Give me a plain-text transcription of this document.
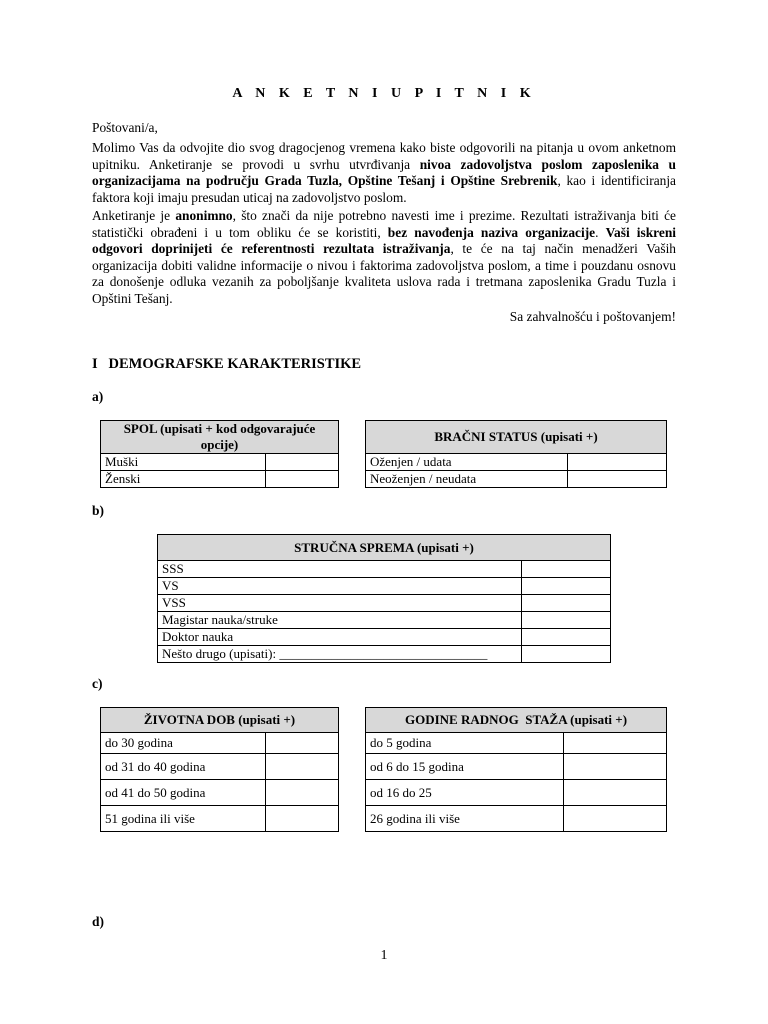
A N K E T N I U P I T N I K
Poštovani/a,

Molimo Vas da odvojite dio svog dragocjenog vremena kako biste odgovorili na pitanja u ovom anketnom upitniku. Anketiranje se provodi u svrhu utvrđivanja nivoa zadovoljstva poslom zaposlenika u organizacijama na području Grada Tuzla, Opštine Tešanj i Opštine Srebrenik, kao i identificiranja faktora koji imaju presudan uticaj na zadovoljstvo poslom.

Anketiranje je anonimno, što znači da nije potrebno navesti ime i prezime. Rezultati istraživanja biti će statistički obrađeni i u tom obliku će se koristiti, bez navođenja naziva organizacije. Vaši iskreni odgovori doprinijeti će referentnosti rezultata istraživanja, te će na taj način menadžeri Vaših organizacija dobiti validne informacije o nivou i faktorima zadovoljstva poslom, a time i pouzdanu osnovu za donošenje odluka vezanih za poboljšanje kvaliteta uslova rada i tretmana zaposlenika Gradu Tuzla i Opštini Tešanj.

Sa zahvalnošću i poštovanjem!
I   DEMOGRAFSKE KARAKTERISTIKE
a)
SPOL (upisati + kod odgovarajuće opcije)	
Muški	
Ženski	
BRAČNI STATUS (upisati +)	
Oženjen / udata	
Neoženjen / neudata	
b)
STRUČNA SPREMA (upisati +)	
SSS	
VS	
VSS	
Magistar nauka/struke	
Doktor nauka	
Nešto drugo (upisati): ________________________________	
c)
ŽIVOTNA DOB (upisati +)	
do 30 godina	
od 31 do 40 godina	
od 41 do 50 godina	
51 godina ili više	
GODINE RADNOG  STAŽA (upisati +)	
do 5 godina	
od 6 do 15 godina	
od 16 do 25	
26 godina ili više	
d)
1
